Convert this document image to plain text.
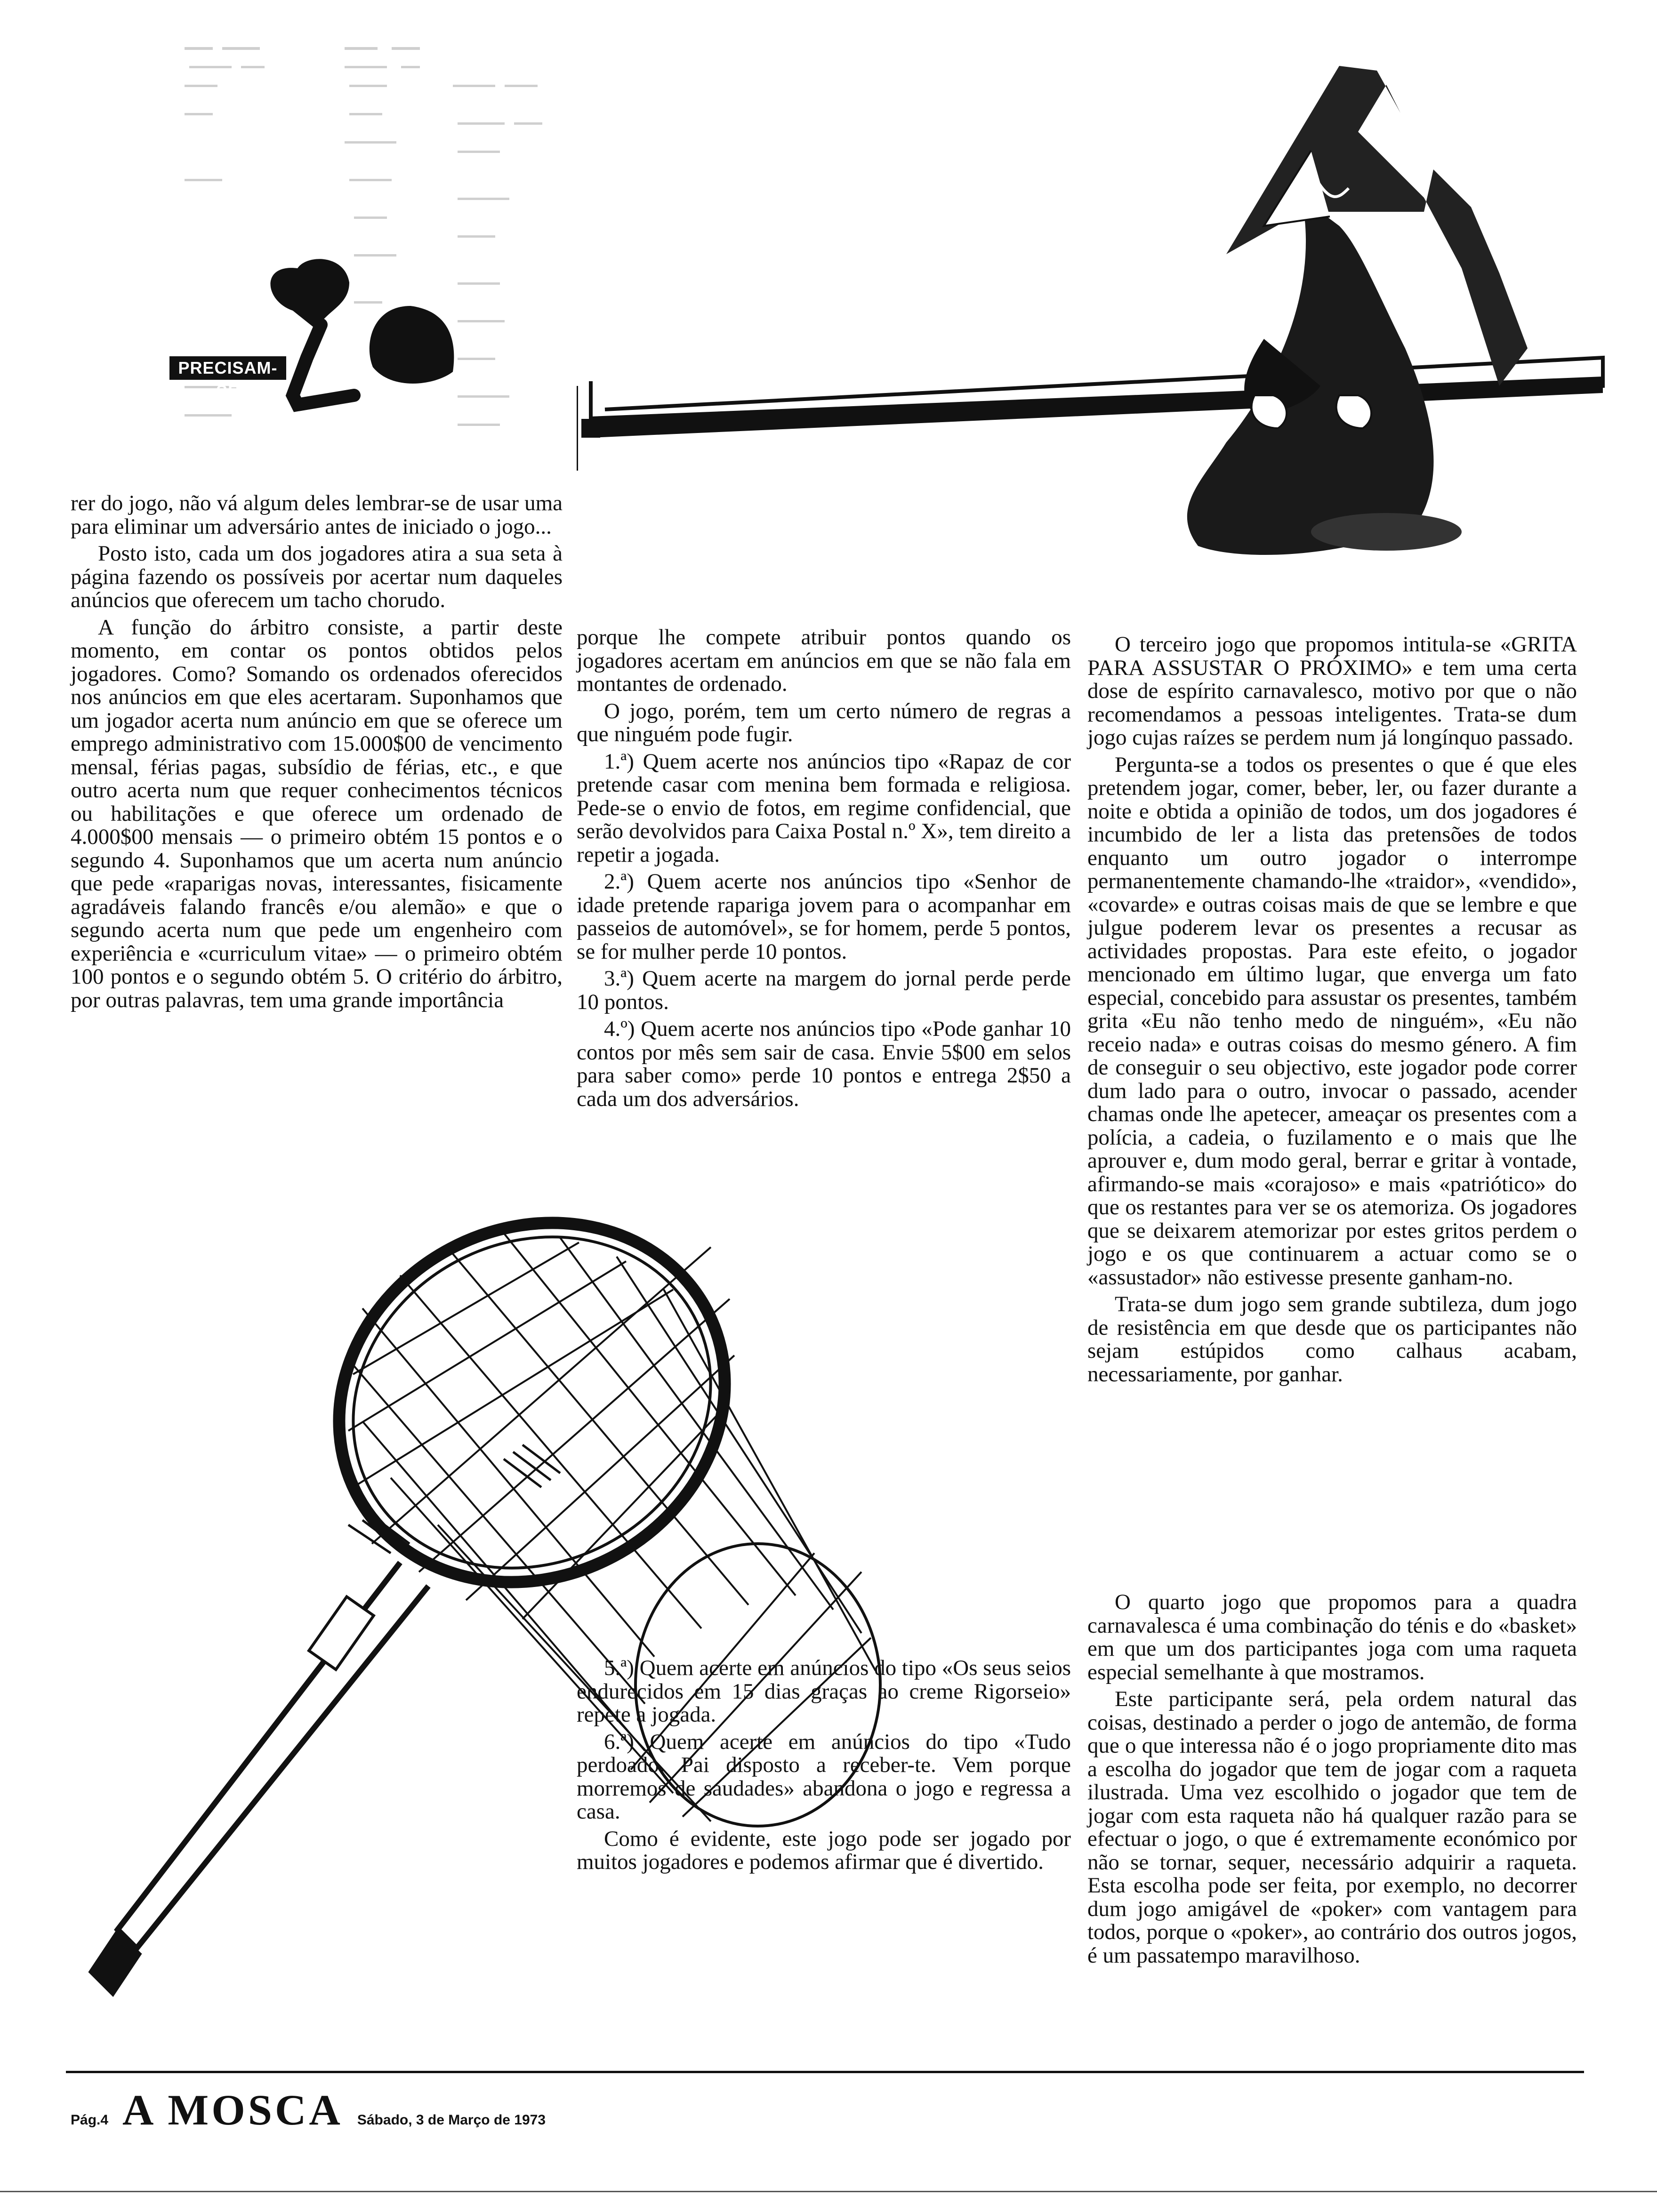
PRECISAM-SE

rer do jogo, não vá algum deles lembrar-se de usar uma para eliminar um adversário antes de iniciado o jogo...

Posto isto, cada um dos jogadores atira a sua seta à página fazendo os possíveis por acertar num daqueles anúncios que oferecem um tacho chorudo.

A função do árbitro consiste, a partir deste momento, em contar os pontos obtidos pelos jogadores. Como? Somando os ordenados oferecidos nos anúncios em que eles acertaram. Suponhamos que um jogador acerta num anúncio em que se oferece um emprego administrativo com 15.000$00 de vencimento mensal, férias pagas, subsídio de férias, etc., e que outro acerta num que requer conhecimentos técnicos ou habilitações e que oferece um ordenado de 4.000$00 mensais — o primeiro obtém 15 pontos e o segundo 4. Suponhamos que um acerta num anúncio que pede «raparigas novas, interessantes, fisicamente agradáveis falando francês e/ou alemão» e que o segundo acerta num que pede um engenheiro com experiência e «curriculum vitae» — o primeiro obtém 100 pontos e o segundo obtém 5. O critério do árbitro, por outras palavras, tem uma grande importância

porque lhe compete atribuir pontos quando os jogadores acertam em anúncios em que se não fala em montantes de ordenado.

O jogo, porém, tem um certo número de regras a que ninguém pode fugir.

1.ª) Quem acerte nos anúncios tipo «Rapaz de cor pretende casar com menina bem formada e religiosa. Pede-se o envio de fotos, em regime confidencial, que serão devolvidos para Caixa Postal n.º X», tem direito a repetir a jogada.

2.ª) Quem acerte nos anúncios tipo «Senhor de idade pretende rapariga jovem para o acompanhar em passeios de automóvel», se for homem, perde 5 pontos, se for mulher perde 10 pontos.

3.ª) Quem acerte na margem do jornal perde perde 10 pontos.

4.º) Quem acerte nos anúncios tipo «Pode ganhar 10 contos por mês sem sair de casa. Envie 5$00 em selos para saber como» perde 10 pontos e entrega 2$50 a cada um dos adversários.

5.ª) Quem acerte em anúncios do tipo «Os seus seios endurecidos em 15 dias graças ao creme Rigorseio» repete a jogada.

6.ª) Quem acerte em anúncios do tipo «Tudo perdoado. Pai disposto a receber-te. Vem porque morremos de saudades» abandona o jogo e regressa a casa.

Como é evidente, este jogo pode ser jogado por muitos jogadores e podemos afirmar que é divertido.

O terceiro jogo que propomos intitula-se «GRITA PARA ASSUSTAR O PRÓXIMO» e tem uma certa dose de espírito carnavalesco, motivo por que o não recomendamos a pessoas inteligentes. Trata-se dum jogo cujas raízes se perdem num já longínquo passado.

Pergunta-se a todos os presentes o que é que eles pretendem jogar, comer, beber, ler, ou fazer durante a noite e obtida a opinião de todos, um dos jogadores é incumbido de ler a lista das pretensões de todos enquanto um outro jogador o interrompe permanentemente chamando-lhe «traidor», «vendido», «covarde» e outras coisas mais de que se lembre e que julgue poderem levar os presentes a recusar as actividades propostas. Para este efeito, o jogador mencionado em último lugar, que enverga um fato especial, concebido para assustar os presentes, também grita «Eu não tenho medo de ninguém», «Eu não receio nada» e outras coisas do mesmo género. A fim de conseguir o seu objectivo, este jogador pode correr dum lado para o outro, invocar o passado, acender chamas onde lhe apetecer, ameaçar os presentes com a polícia, a cadeia, o fuzilamento e o mais que lhe aprouver e, dum modo geral, berrar e gritar à vontade, afirmando-se mais «corajoso» e mais «patriótico» do que os restantes para ver se os atemoriza. Os jogadores que se deixarem atemorizar por estes gritos perdem o jogo e os que continuarem a actuar como se o «assustador» não estivesse presente ganham-no.

Trata-se dum jogo sem grande subtileza, dum jogo de resistência em que desde que os participantes não sejam estúpidos como calhaus acabam, necessariamente, por ganhar.

O quarto jogo que propomos para a quadra carnavalesca é uma combinação do ténis e do «basket» em que um dos participantes joga com uma raqueta especial semelhante à que mostramos.

Este participante será, pela ordem natural das coisas, destinado a perder o jogo de antemão, de forma que o que interessa não é o jogo propriamente dito mas a escolha do jogador que tem de jogar com a raqueta ilustrada. Uma vez escolhido o jogador que tem de jogar com esta raqueta não há qualquer razão para se efectuar o jogo, o que é extremamente económico por não se tornar, sequer, necessário adquirir a raqueta. Esta escolha pode ser feita, por exemplo, no decorrer dum jogo amigável de «poker» com vantagem para todos, porque o «poker», ao contrário dos outros jogos, é um passatempo maravilhoso.

Pág.4 A MOSCA Sábado, 3 de Março de 1973
